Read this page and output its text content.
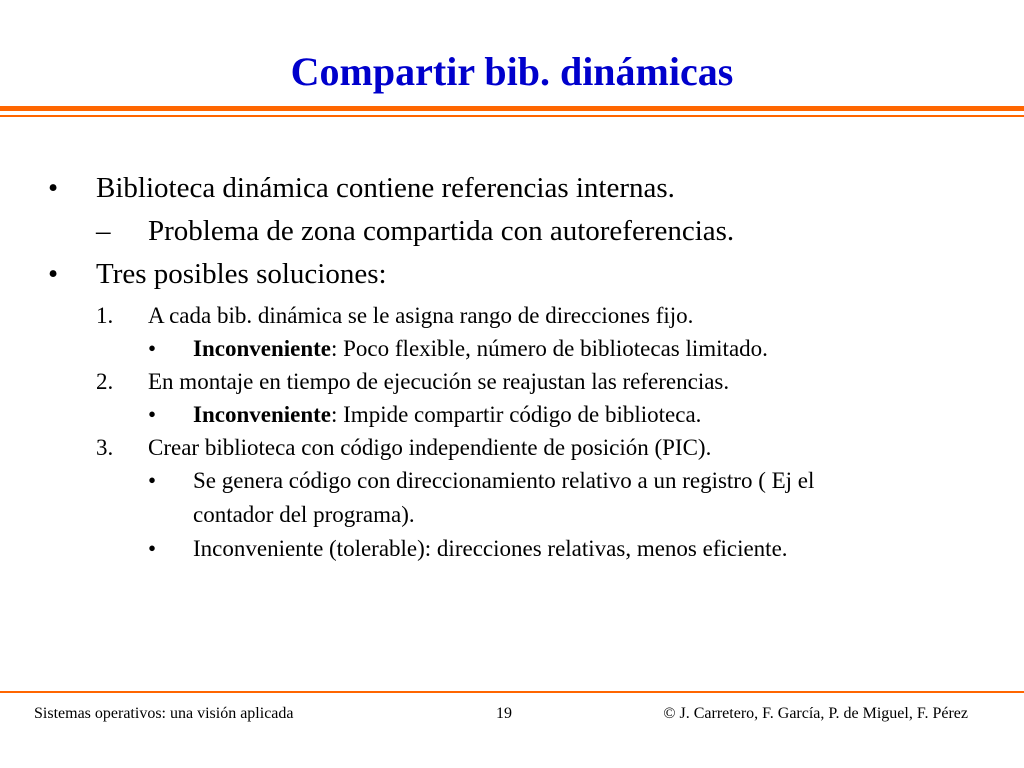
Compartir bib. dinámicas
• Biblioteca dinámica contiene referencias internas.
– Problema de zona compartida con autoreferencias.
• Tres posibles soluciones:
1. A cada bib. dinámica se le asigna rango de direcciones fijo.
• Inconveniente: Poco flexible, número de bibliotecas limitado.
2. En montaje en tiempo de ejecución se reajustan las referencias.
• Inconveniente: Impide compartir código de biblioteca.
3. Crear biblioteca con código independiente de posición (PIC).
• Se genera código con direccionamiento relativo a un registro ( Ej el
contador del programa).
• Inconveniente (tolerable): direcciones relativas, menos eficiente.
Sistemas operativos: una visión aplicada	19	© J. Carretero, F. García, P. de Miguel, F. Pérez
